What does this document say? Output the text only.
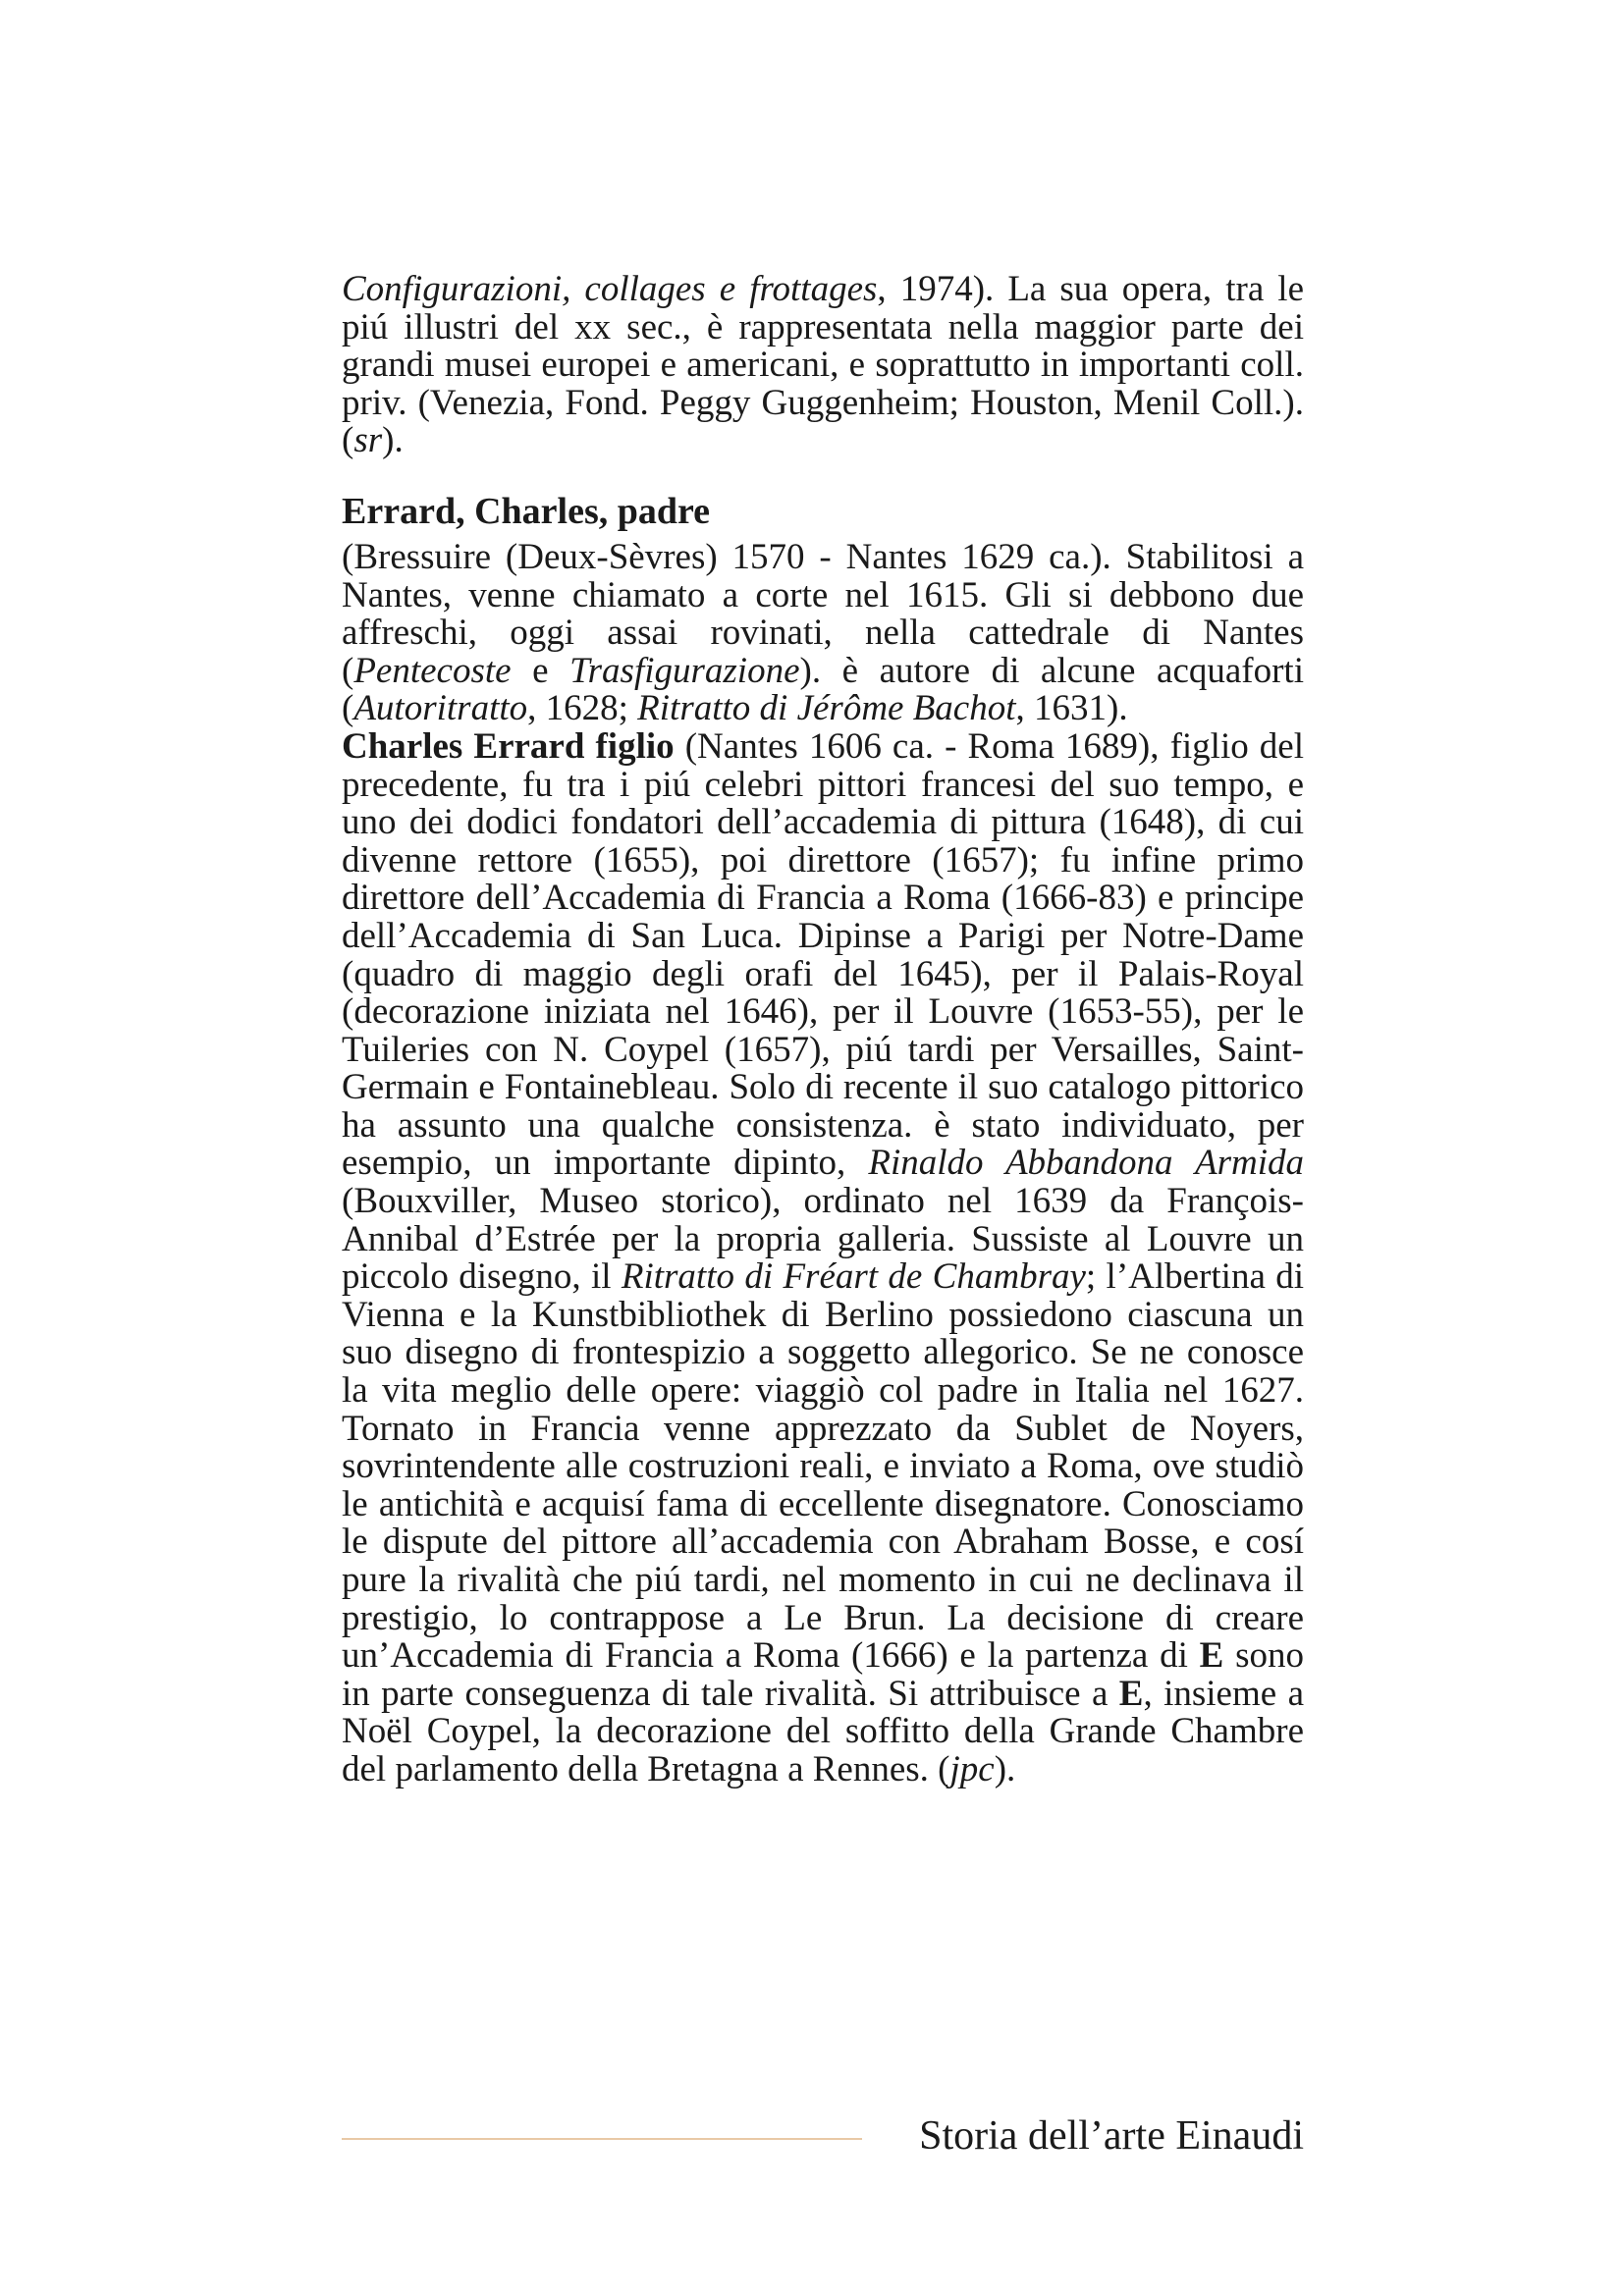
Configurazioni, collages e frottages, 1974). La sua opera, tra le piú illustri del xx sec., è rappresentata nella maggior parte dei grandi musei europei e americani, e soprattutto in importanti coll. priv. (Venezia, Fond. Peggy Guggenheim; Houston, Menil Coll.). (sr).

Errard, Charles, padre

(Bressuire (Deux-Sèvres) 1570 - Nantes 1629 ca.). Stabilitosi a Nantes, venne chiamato a corte nel 1615. Gli si debbono due affreschi, oggi assai rovinati, nella cattedrale di Nantes (Pentecoste e Trasfigurazione). è autore di alcune acquaforti (Autoritratto, 1628; Ritratto di Jérôme Bachot, 1631).

Charles Errard figlio (Nantes 1606 ca. - Roma 1689), figlio del precedente, fu tra i piú celebri pittori francesi del suo tempo, e uno dei dodici fondatori dell’accademia di pittura (1648), di cui divenne rettore (1655), poi direttore (1657); fu infine primo direttore dell’Accademia di Francia a Roma (1666-83) e principe dell’Accademia di San Luca. Dipinse a Parigi per Notre-Dame (quadro di maggio degli orafi del 1645), per il Palais-Royal (decorazione iniziata nel 1646), per il Louvre (1653-55), per le Tuileries con N. Coypel (1657), piú tardi per Versailles, Saint-Germain e Fontainebleau. Solo di recente il suo catalogo pittorico ha assunto una qualche consistenza. è stato individuato, per esempio, un importante dipinto, Rinaldo Abbandona Armida (Bouxviller, Museo storico), ordinato nel 1639 da François-Annibal d’Estrée per la propria galleria. Sussiste al Louvre un piccolo disegno, il Ritratto di Fréart de Chambray; l’Albertina di Vienna e la Kunstbibliothek di Berlino possiedono ciascuna un suo disegno di frontespizio a soggetto allegorico. Se ne conosce la vita meglio delle opere: viaggiò col padre in Italia nel 1627. Tornato in Francia venne apprezzato da Sublet de Noyers, sovrintendente alle costruzioni reali, e inviato a Roma, ove studiò le antichità e acquisí fama di eccellente disegnatore. Conosciamo le dispute del pittore all’accademia con Abraham Bosse, e cosí pure la rivalità che piú tardi, nel momento in cui ne declinava il prestigio, lo contrappose a Le Brun. La decisione di creare un’Accademia di Francia a Roma (1666) e la partenza di E sono in parte conseguenza di tale rivalità. Si attribuisce a E, insieme a Noël Coypel, la decorazione del soffitto della Grande Chambre del parlamento della Bretagna a Rennes. (jpc).

Storia dell’arte Einaudi
